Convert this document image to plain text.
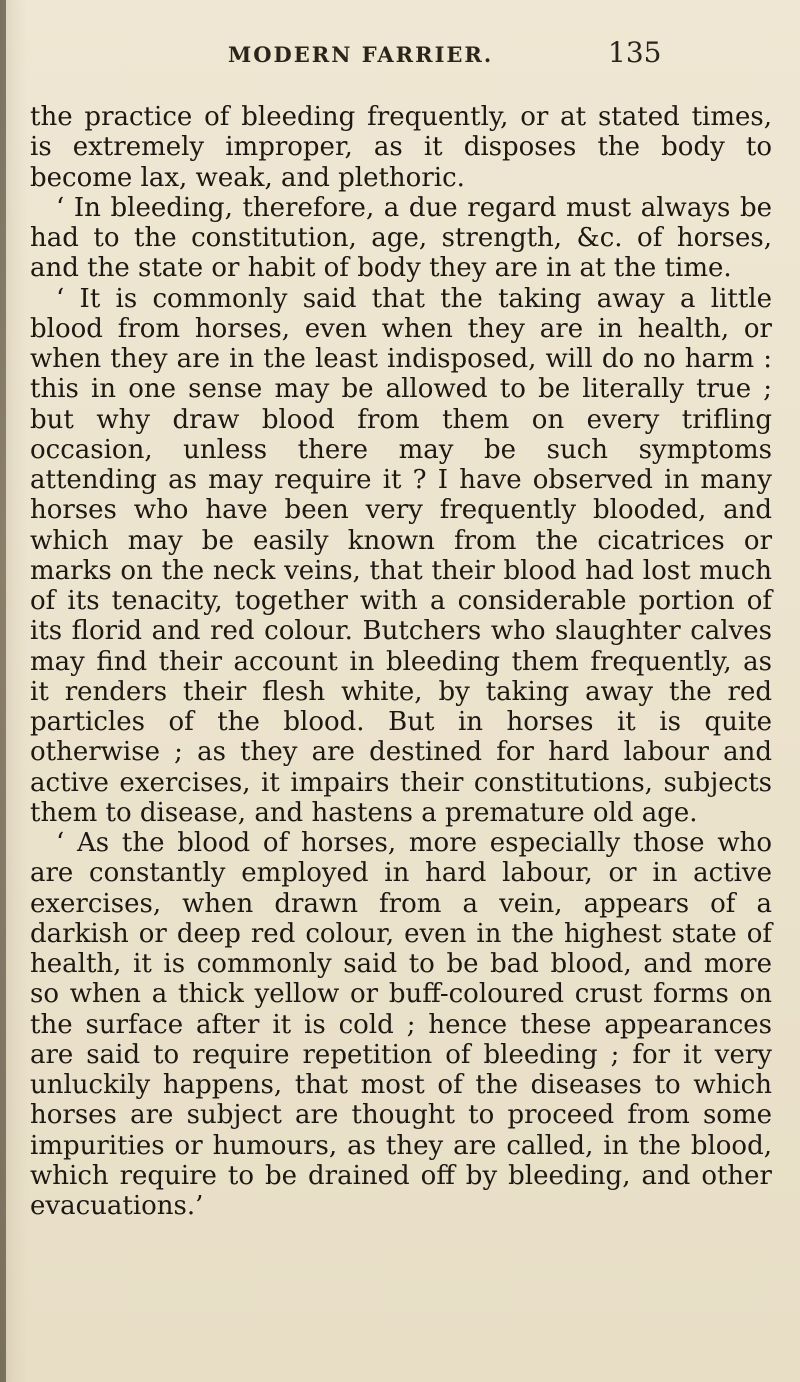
MODERN FARRIER.	135

the practice of bleeding frequently, or at stated times, is extremely improper, as it disposes the body to become lax, weak, and plethoric.

‘ In bleeding, therefore, a due regard must always be had to the constitution, age, strength, &c. of horses, and the state or habit of body they are in at the time.

‘ It is commonly said that the taking away a little blood from horses, even when they are in health, or when they are in the least indisposed, will do no harm : this in one sense may be allowed to be literally true ; but why draw blood from them on every trifling occasion, unless there may be such symptoms attending as may require it ? I have observed in many horses who have been very frequently blooded, and which may be easily known from the cicatrices or marks on the neck veins, that their blood had lost much of its tenacity, together with a considerable portion of its florid and red colour. Butchers who slaughter calves may find their account in bleeding them frequently, as it renders their flesh white, by taking away the red particles of the blood. But in horses it is quite otherwise ; as they are destined for hard labour and active exercises, it impairs their constitutions, subjects them to disease, and hastens a premature old age.

‘ As the blood of horses, more especially those who are constantly employed in hard labour, or in active exercises, when drawn from a vein, appears of a darkish or deep red colour, even in the highest state of health, it is commonly said to be bad blood, and more so when a thick yellow or buff-coloured crust forms on the surface after it is cold ; hence these appearances are said to require repetition of bleeding ; for it very unluckily happens, that most of the diseases to which horses are subject are thought to proceed from some impurities or humours, as they are called, in the blood, which require to be drained off by bleeding, and other evacuations.’
